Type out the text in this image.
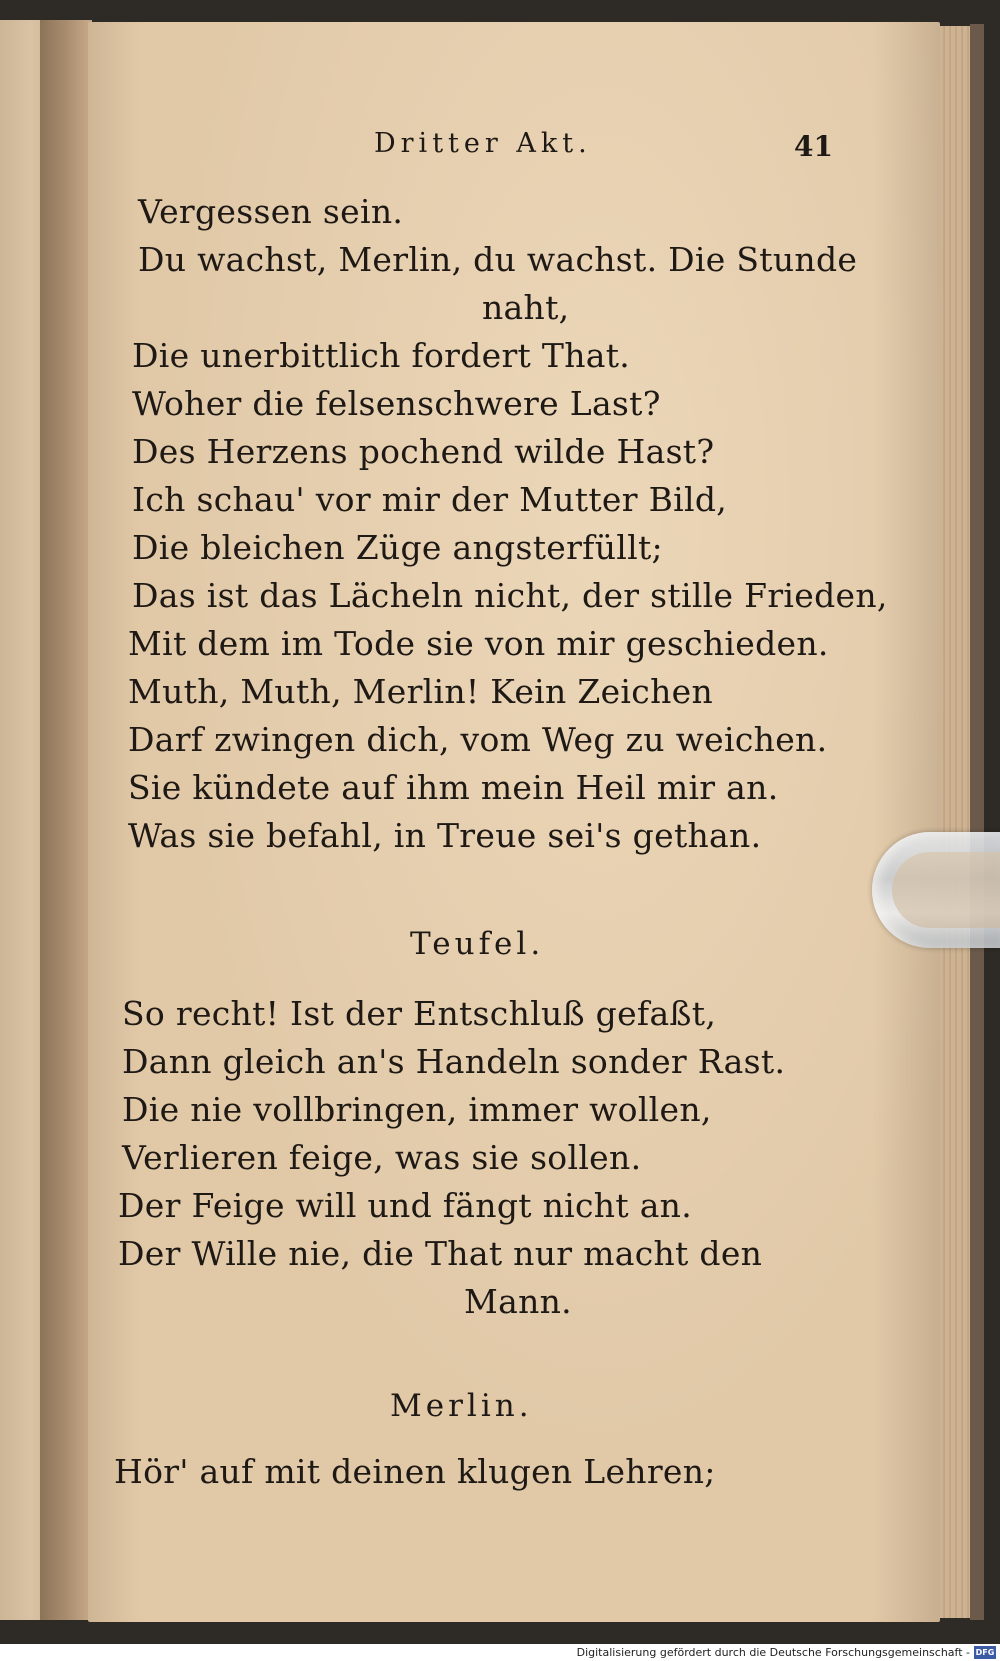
Dritter Akt.	41
Vergessen sein.
Du wachst, Merlin, du wachst. Die Stunde
naht,
Die unerbittlich fordert That.
Woher die felsenschwere Last?
Des Herzens pochend wilde Hast?
Ich schau' vor mir der Mutter Bild,
Die bleichen Züge angsterfüllt;
Das ist das Lächeln nicht, der stille Frieden,
Mit dem im Tode sie von mir geschieden.
Muth, Muth, Merlin! Kein Zeichen
Darf zwingen dich, vom Weg zu weichen.
Sie kündete auf ihm mein Heil mir an.
Was sie befahl, in Treue sei's gethan.
Teufel.
So recht! Ist der Entschluß gefaßt,
Dann gleich an's Handeln sonder Rast.
Die nie vollbringen, immer wollen,
Verlieren feige, was sie sollen.
Der Feige will und fängt nicht an.
Der Wille nie, die That nur macht den
Mann.
Merlin.
Hör' auf mit deinen klugen Lehren;
Digitalisierung gefördert durch die Deutsche Forschungsgemeinschaft - DFG
